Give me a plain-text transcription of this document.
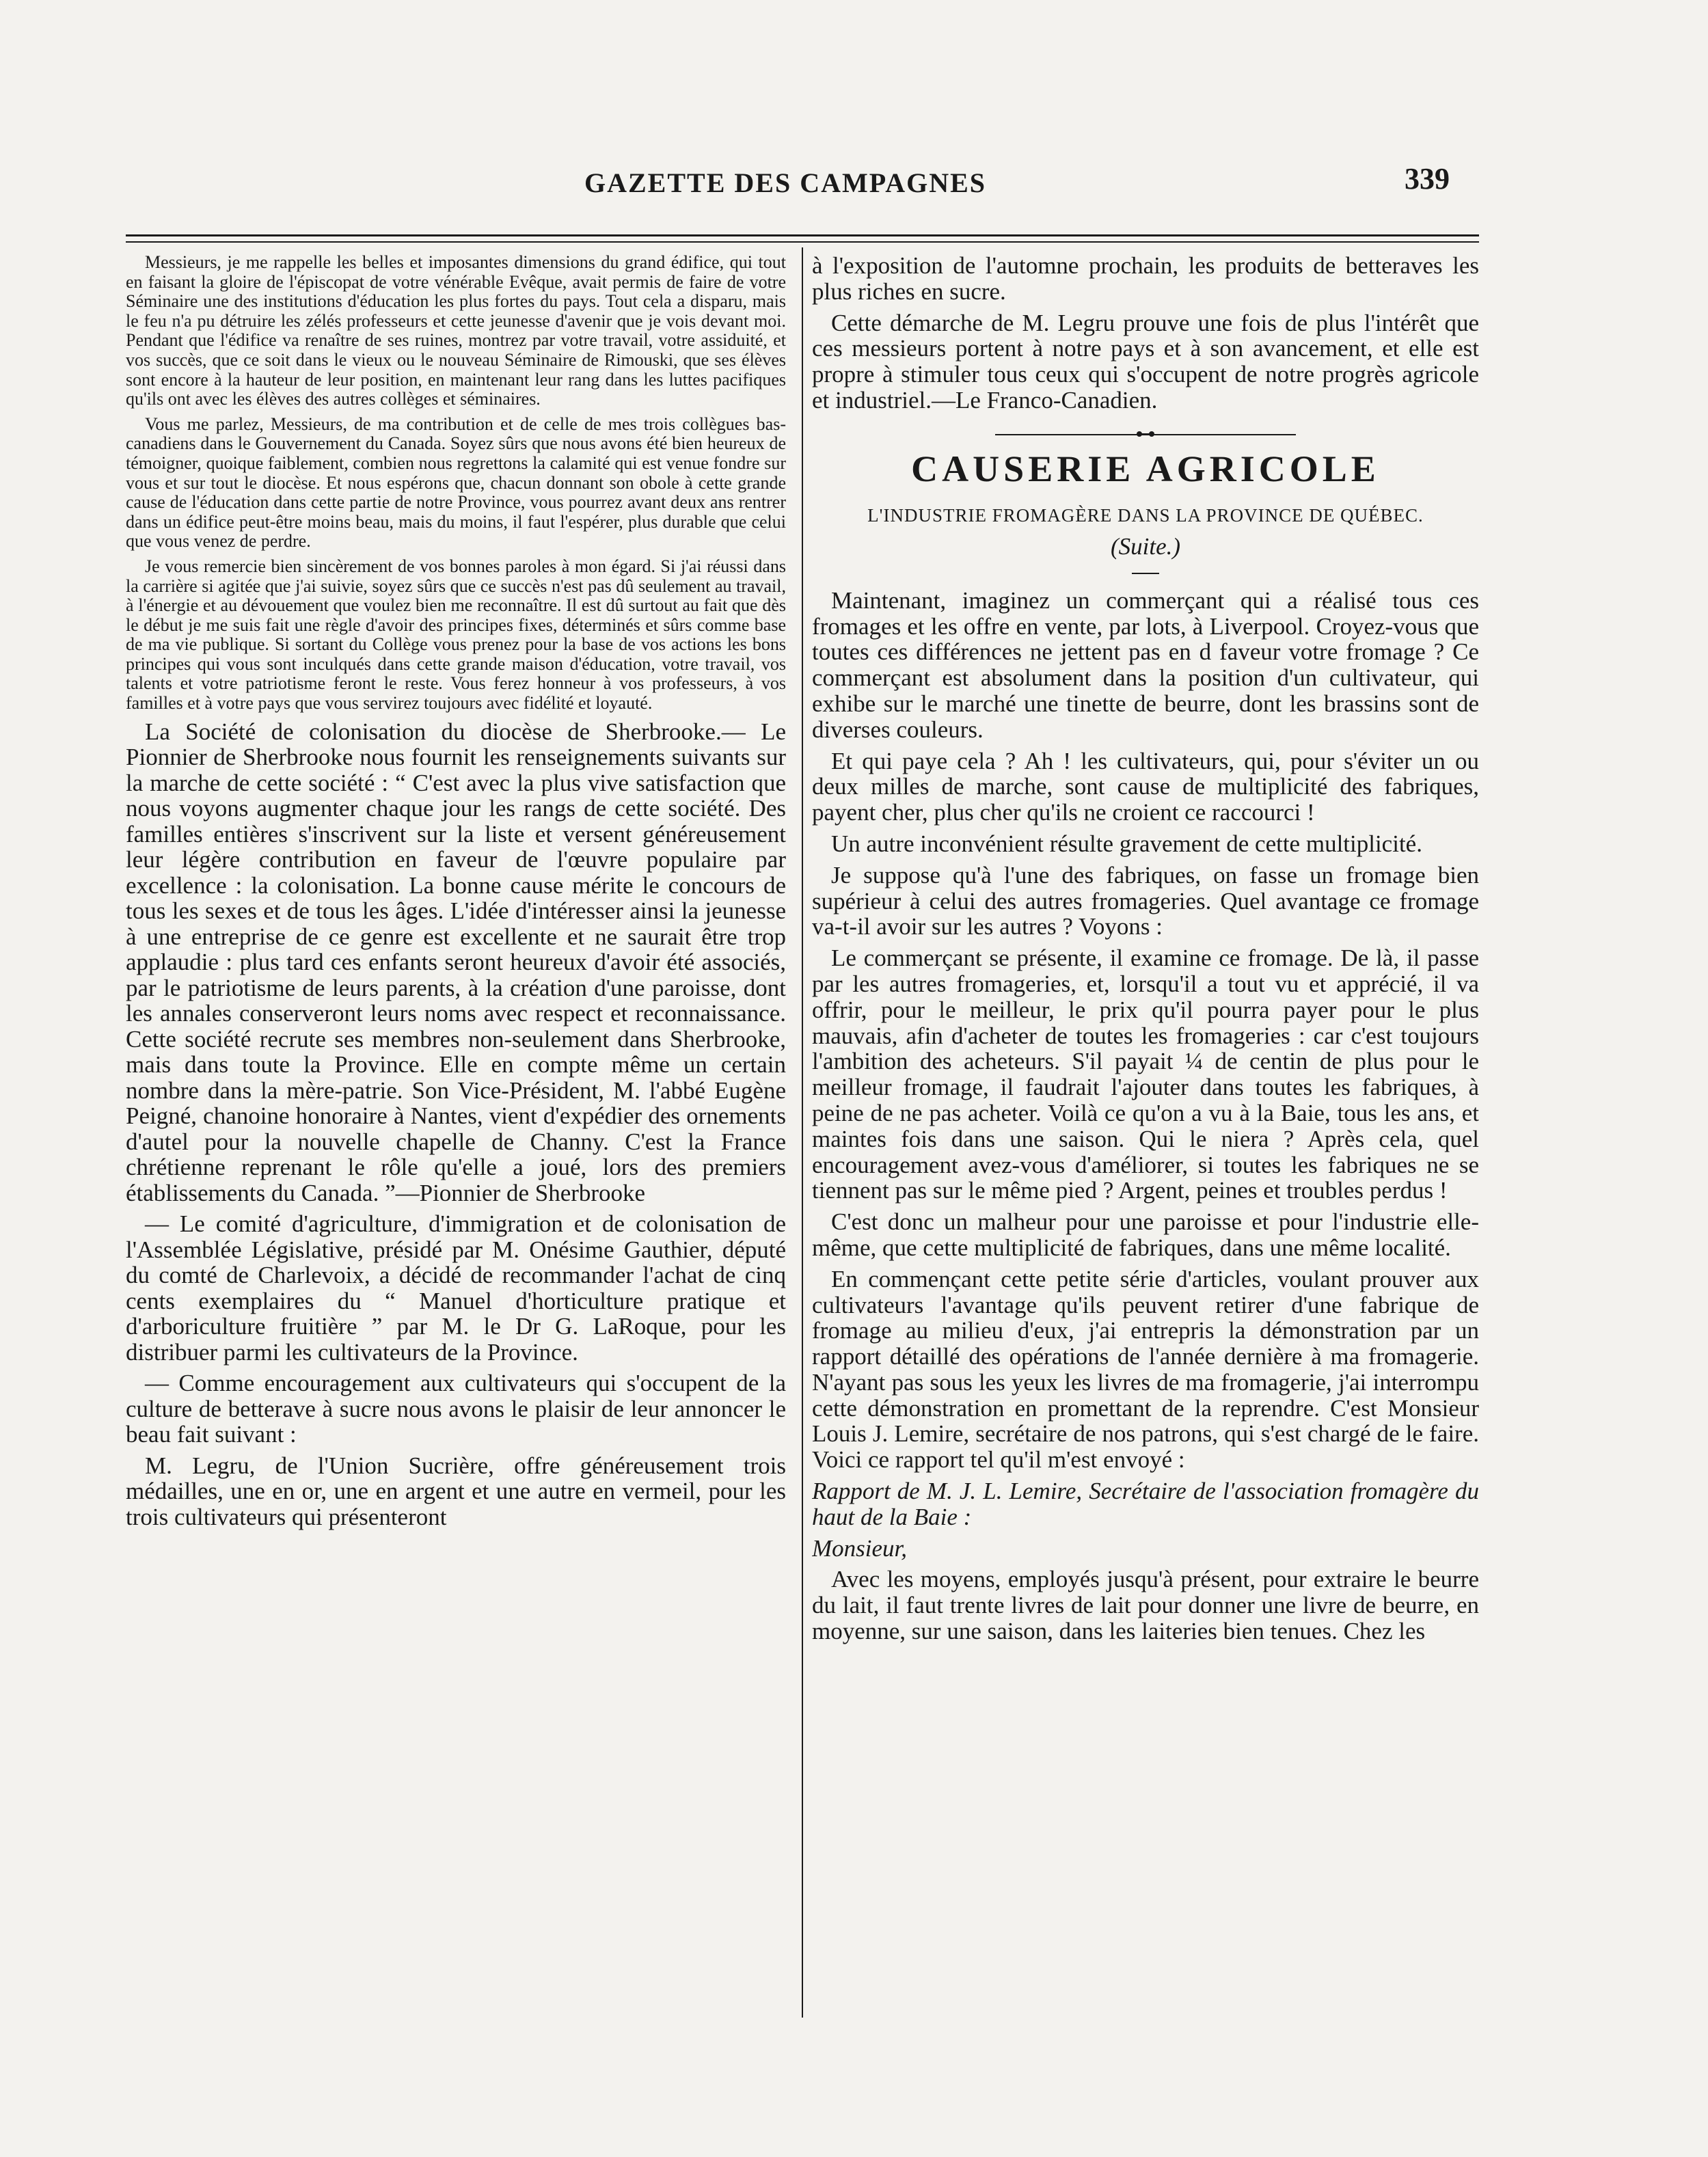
GAZETTE DES CAMPAGNES	339

Messieurs, je me rappelle les belles et imposantes dimensions du grand édifice, qui tout en faisant la gloire de l'épiscopat de votre vénérable Evêque, avait permis de faire de votre Séminaire une des institutions d'éducation les plus fortes du pays. Tout cela a disparu, mais le feu n'a pu détruire les zélés professeurs et cette jeunesse d'avenir que je vois devant moi. Pendant que l'édifice va renaître de ses ruines, montrez par votre travail, votre assiduité, et vos succès, que ce soit dans le vieux ou le nouveau Séminaire de Rimouski, que ses élèves sont encore à la hauteur de leur position, en maintenant leur rang dans les luttes pacifiques qu'ils ont avec les élèves des autres collèges et séminaires.

Vous me parlez, Messieurs, de ma contribution et de celle de mes trois collègues bas-canadiens dans le Gouvernement du Canada. Soyez sûrs que nous avons été bien heureux de témoigner, quoique faiblement, combien nous regrettons la calamité qui est venue fondre sur vous et sur tout le diocèse. Et nous espérons que, chacun donnant son obole à cette grande cause de l'éducation dans cette partie de notre Province, vous pourrez avant deux ans rentrer dans un édifice peut-être moins beau, mais du moins, il faut l'espérer, plus durable que celui que vous venez de perdre.

Je vous remercie bien sincèrement de vos bonnes paroles à mon égard. Si j'ai réussi dans la carrière si agitée que j'ai suivie, soyez sûrs que ce succès n'est pas dû seulement au travail, à l'énergie et au dévouement que voulez bien me reconnaître. Il est dû surtout au fait que dès le début je me suis fait une règle d'avoir des principes fixes, déterminés et sûrs comme base de ma vie publique. Si sortant du Collège vous prenez pour la base de vos actions les bons principes qui vous sont inculqués dans cette grande maison d'éducation, votre travail, vos talents et votre patriotisme feront le reste. Vous ferez honneur à vos professeurs, à vos familles et à votre pays que vous servirez toujours avec fidélité et loyauté.

La Société de colonisation du diocèse de Sherbrooke.— Le Pionnier de Sherbrooke nous fournit les renseignements suivants sur la marche de cette société : “ C'est avec la plus vive satisfaction que nous voyons augmenter chaque jour les rangs de cette société. Des familles entières s'inscrivent sur la liste et versent généreusement leur légère contribution en faveur de l'œuvre populaire par excellence : la colonisation. La bonne cause mérite le concours de tous les sexes et de tous les âges. L'idée d'intéresser ainsi la jeunesse à une entreprise de ce genre est excellente et ne saurait être trop applaudie : plus tard ces enfants seront heureux d'avoir été associés, par le patriotisme de leurs parents, à la création d'une paroisse, dont les annales conserveront leurs noms avec respect et reconnaissance. Cette société recrute ses membres non-seulement dans Sherbrooke, mais dans toute la Province. Elle en compte même un certain nombre dans la mère-patrie. Son Vice-Président, M. l'abbé Eugène Peigné, chanoine honoraire à Nantes, vient d'expédier des ornements d'autel pour la nouvelle chapelle de Channy. C'est la France chrétienne reprenant le rôle qu'elle a joué, lors des premiers établissements du Canada. ”—Pionnier de Sherbrooke

— Le comité d'agriculture, d'immigration et de colonisation de l'Assemblée Législative, présidé par M. Onésime Gauthier, député du comté de Charlevoix, a décidé de recommander l'achat de cinq cents exemplaires du “ Manuel d'horticulture pratique et d'arboriculture fruitière ” par M. le Dr G. LaRoque, pour les distribuer parmi les cultivateurs de la Province.

— Comme encouragement aux cultivateurs qui s'occupent de la culture de betterave à sucre nous avons le plaisir de leur annoncer le beau fait suivant :

M. Legru, de l'Union Sucrière, offre généreusement trois médailles, une en or, une en argent et une autre en vermeil, pour les trois cultivateurs qui présenteront

à l'exposition de l'automne prochain, les produits de betteraves les plus riches en sucre.

Cette démarche de M. Legru prouve une fois de plus l'intérêt que ces messieurs portent à notre pays et à son avancement, et elle est propre à stimuler tous ceux qui s'occupent de notre progrès agricole et industriel.—Le Franco-Canadien.

CAUSERIE AGRICOLE
L'INDUSTRIE FROMAGÈRE DANS LA PROVINCE DE QUÉBEC.
(Suite.)

Maintenant, imaginez un commerçant qui a réalisé tous ces fromages et les offre en vente, par lots, à Liverpool. Croyez-vous que toutes ces différences ne jettent pas en d faveur votre fromage ? Ce commerçant est absolument dans la position d'un cultivateur, qui exhibe sur le marché une tinette de beurre, dont les brassins sont de diverses couleurs.

Et qui paye cela ? Ah ! les cultivateurs, qui, pour s'éviter un ou deux milles de marche, sont cause de multiplicité des fabriques, payent cher, plus cher qu'ils ne croient ce raccourci !

Un autre inconvénient résulte gravement de cette multiplicité.

Je suppose qu'à l'une des fabriques, on fasse un fromage bien supérieur à celui des autres fromageries. Quel avantage ce fromage va-t-il avoir sur les autres ? Voyons :

Le commerçant se présente, il examine ce fromage. De là, il passe par les autres fromageries, et, lorsqu'il a tout vu et apprécié, il va offrir, pour le meilleur, le prix qu'il pourra payer pour le plus mauvais, afin d'acheter de toutes les fromageries : car c'est toujours l'ambition des acheteurs. S'il payait ¼ de centin de plus pour le meilleur fromage, il faudrait l'ajouter dans toutes les fabriques, à peine de ne pas acheter. Voilà ce qu'on a vu à la Baie, tous les ans, et maintes fois dans une saison. Qui le niera ? Après cela, quel encouragement avez-vous d'améliorer, si toutes les fabriques ne se tiennent pas sur le même pied ? Argent, peines et troubles perdus !

C'est donc un malheur pour une paroisse et pour l'industrie elle-même, que cette multiplicité de fabriques, dans une même localité.

En commençant cette petite série d'articles, voulant prouver aux cultivateurs l'avantage qu'ils peuvent retirer d'une fabrique de fromage au milieu d'eux, j'ai entrepris la démonstration par un rapport détaillé des opérations de l'année dernière à ma fromagerie. N'ayant pas sous les yeux les livres de ma fromagerie, j'ai interrompu cette démonstration en promettant de la reprendre. C'est Monsieur Louis J. Lemire, secrétaire de nos patrons, qui s'est chargé de le faire. Voici ce rapport tel qu'il m'est envoyé :

Rapport de M. J. L. Lemire, Secrétaire de l'association fromagère du haut de la Baie :

Monsieur,

Avec les moyens, employés jusqu'à présent, pour extraire le beurre du lait, il faut trente livres de lait pour donner une livre de beurre, en moyenne, sur une saison, dans les laiteries bien tenues. Chez les
